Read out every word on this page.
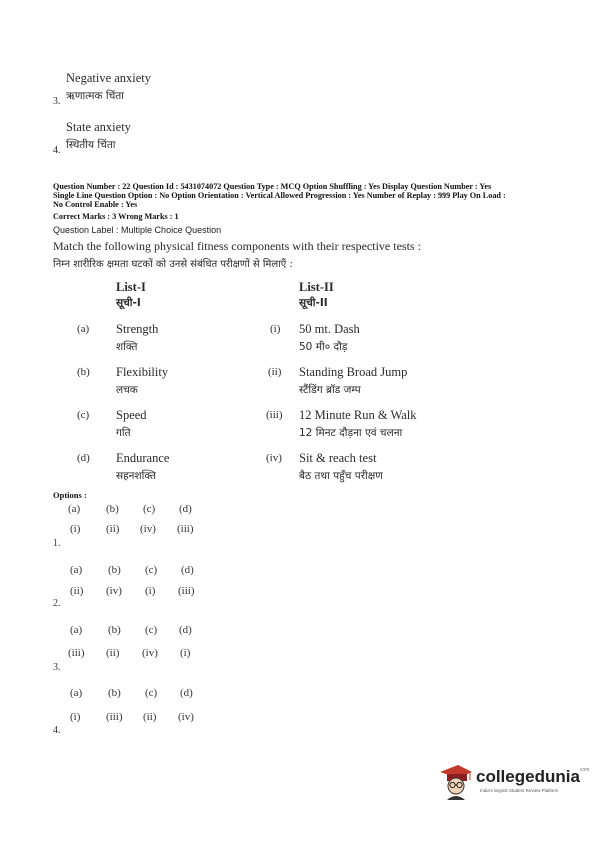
Negative anxiety
3. ऋणात्मक चिंता
State anxiety
4. स्थितीय चिंता
Question Number : 22 Question Id : 5431074072 Question Type : MCQ Option Shuffling : Yes Display Question Number : Yes
Single Line Question Option : No Option Orientation : Vertical Allowed Progression : Yes Number of Replay : 999 Play On Load :
No Control Enable : Yes
Correct Marks : 3 Wrong Marks : 1
Question Label : Multiple Choice Question
Match the following physical fitness components with their respective tests :
निम्न शारीरिक क्षमता घटकों को उनसे संबंधित परीक्षणों से मिलाएँ :
List-I
सूची-I
List-II
सूची-II
(a) Strength
शक्ति
(i) 50 mt. Dash
50 मी० दौड़
(b) Flexibility
लचक
(ii) Standing Broad Jump
स्टैंडिंग ब्रॉड जम्प
(c) Speed
गति
(iii) 12 Minute Run & Walk
12 मिनट दौड़ना एवं चलना
(d) Endurance
सहनशक्ति
(iv) Sit & reach test
बैठ तथा पहुँच परीक्षण
Options :
(a) (b) (c) (d)
(i) (ii) (iv) (iii)
1.
(a) (b) (c) (d)
(ii) (iv) (i) (iii)
2.
(a) (b) (c) (d)
(iii) (ii) (iv) (i)
3.
(a) (b) (c) (d)
(i) (iii) (ii) (iv)
4.
collegedunia$^{com}$
India's largest Student Review Platform
